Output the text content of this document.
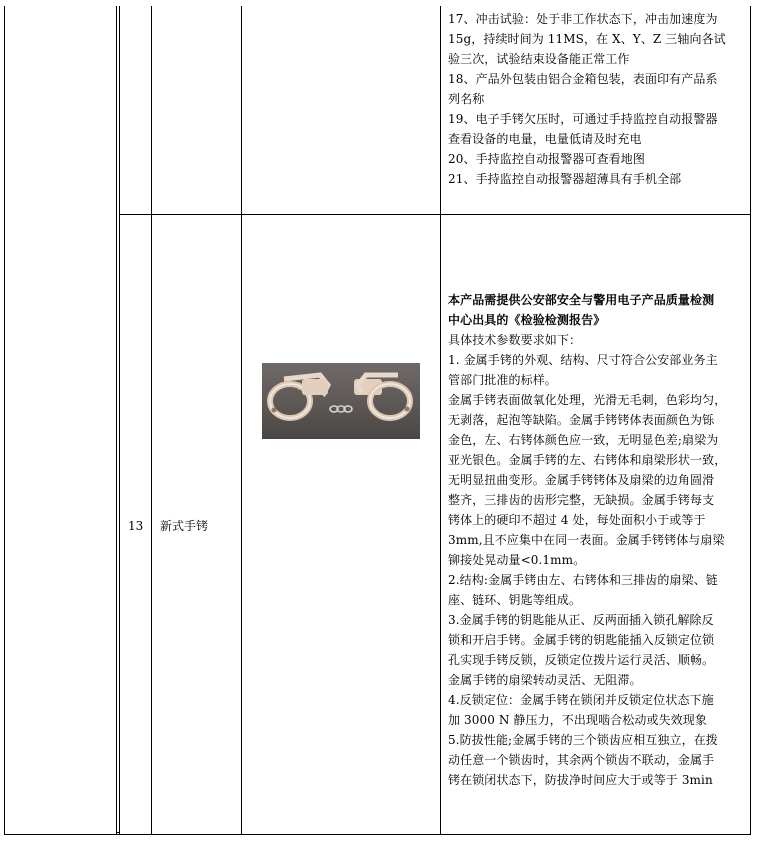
17、冲击试验：处于非工作状态下，冲击加速度为

15g，持续时间为 11MS，在 X、Y、Z 三轴向各试

验三次，试验结束设备能正常工作

18、产品外包装由铝合金箱包装，表面印有产品系

列名称

19、电子手铐欠压时，可通过手持监控自动报警器

查看设备的电量，电量低请及时充电

20、手持监控自动报警器可查看地图

21、手持监控自动报警器超薄具有手机全部

13 新式手铐

本产品需提供公安部安全与警用电子产品质量检测

中心出具的《检验检测报告》

具体技术参数要求如下：

1. 金属手铐的外观、结构、尺寸符合公安部业务主

管部门批准的标样。

金属手铐表面做氧化处理，光滑无毛刺，色彩均匀，

无剥落，起泡等缺陷。金属手铐铐体表面颜色为铄

金色，左、右铐体颜色应一致，无明显色差;扇梁为

亚光银色。金属手铐的左、右铐体和扇梁形状一致，

无明显扭曲变形。金属手铐铐体及扇梁的边角圆滑

整齐，三排齿的齿形完整，无缺损。金属手铐每支

铐体上的硬印不超过 4 处，每处面积小于或等于

3mm,且不应集中在同一表面。金属手铐铐体与扇梁

铆接处晃动量<0.1mm。

2.结构:金属手铐由左、右铐体和三排齿的扇梁、链

座、链环、钥匙等组成。

3.金属手铐的钥匙能从正、反两面插入锁孔解除反

锁和开启手铐。金属手铐的钥匙能插入反锁定位锁

孔实现手铐反锁，反锁定位拨片运行灵活、顺畅。

金属手铐的扇梁转动灵活、无阻滞。

4.反锁定位：金属手铐在锁闭并反锁定位状态下施

加 3000 N 静压力，不出现啮合松动或失效现象

5.防拔性能;金属手铐的三个锁齿应相互独立，在拨

动任意一个锁齿时，其余两个锁齿不联动，金属手

铐在锁闭状态下，防拔净时间应大于或等于 3min
